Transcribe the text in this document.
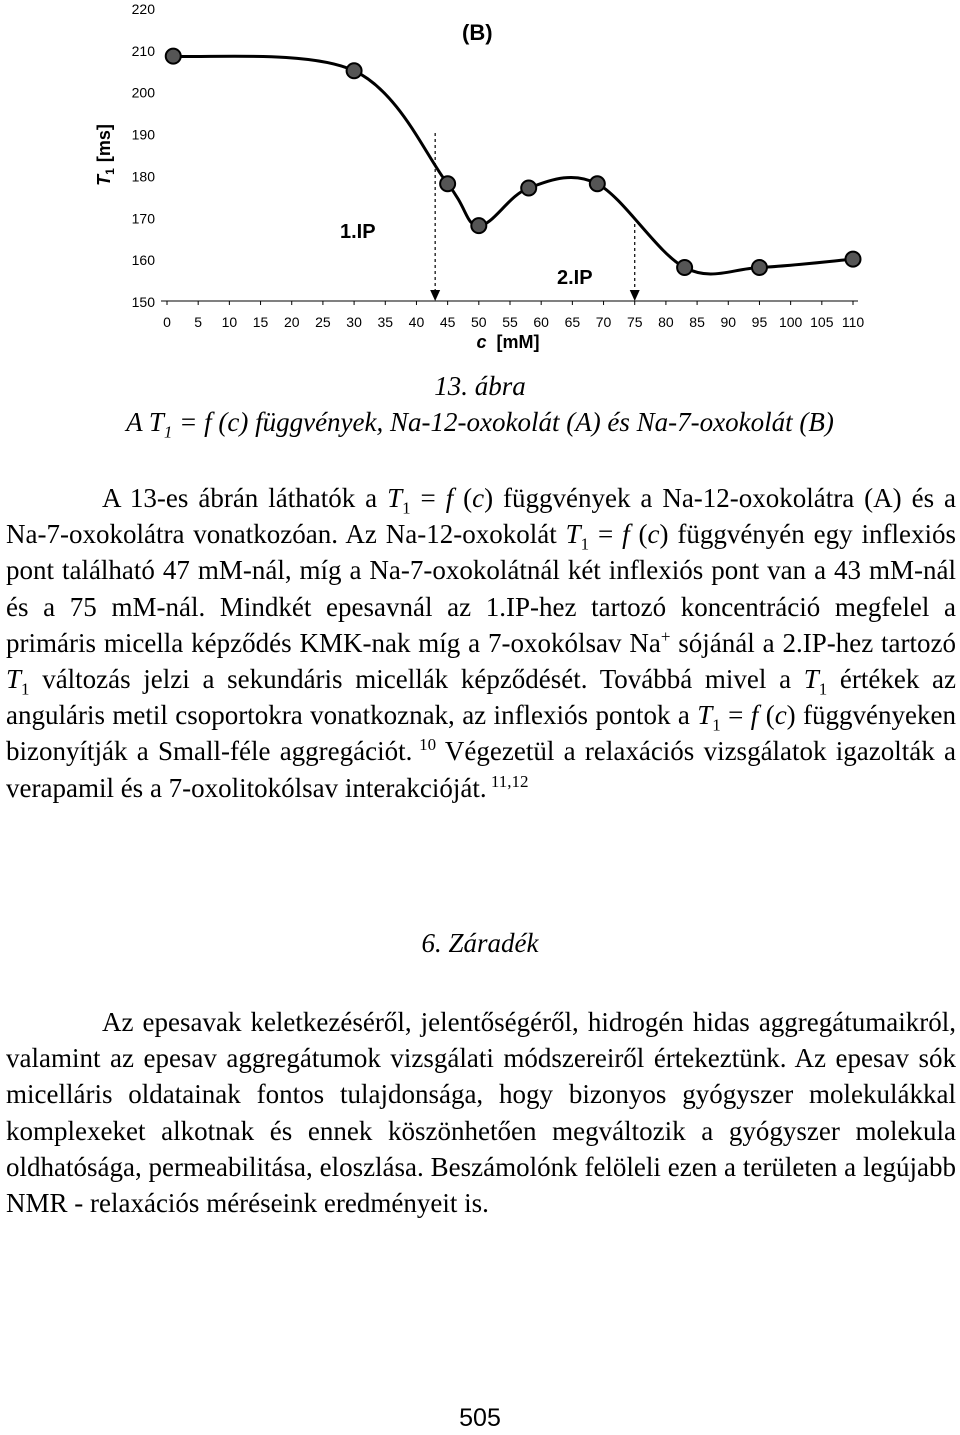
150
160
170
180
190
200
210
220
0 5 10 15 20 25 30 35 40 45 50 55 60 65 70 75 80 85 90 95 100 105 110
1.IP
2.IP
(B)
$T_1[ms]$
c [mM]
13. ábra
A $T_1 = f$ (c) függvények, Na-12-oxokolát (A) és Na-7-oxokolát (B)

A 13-es ábrán láthatók a $T_1 = f$ (c) függvények a Na-12-oxokolátra (A) és a Na-7-oxokolátra vonatkozóan. Az Na-12-oxokolát $T_1 = f$ (c) függvényén egy inflexiós pont található 47 mM-nál, míg a Na-7-oxokolátnál két inflexiós pont van a 43 mM-nál és a 75 mM-nál. Mindkét epesavnál az 1.IP-hez tartozó koncentráció megfelel a primáris micella képződés KMK-nak míg a 7-oxokólsav Na+ sójánál a 2.IP-hez tartozó $T_1$ változás jelzi a sekundáris micellák képződését. Továbbá mivel a $T_1$ értékek az anguláris metil csoportokra vonatkoznak, az inflexiós pontok a $T_1 = f$ (c) függvényeken bizonyítják a Small-féle aggregációt. $^{10}$ Végezetül a relaxációs vizsgálatok igazolták a verapamil és a 7-oxolitokólsav interakcióját. $^{11,12}$

6. Záradék

Az epesavak keletkezéséről, jelentőségéről, hidrogén hidas aggregátumaikról, valamint az epesav aggregátumok vizsgálati módszereiről értekeztünk. Az epesav sók micelláris oldatainak fontos tulajdonsága, hogy bizonyos gyógyszer molekulákkal komplexeket alkotnak és ennek köszönhetően megváltozik a gyógyszer molekula oldhatósága, permeabilitása, eloszlása. Beszámolónk felöleli ezen a területen a legújabb NMR - relaxációs méréseink eredményeit is.

505
